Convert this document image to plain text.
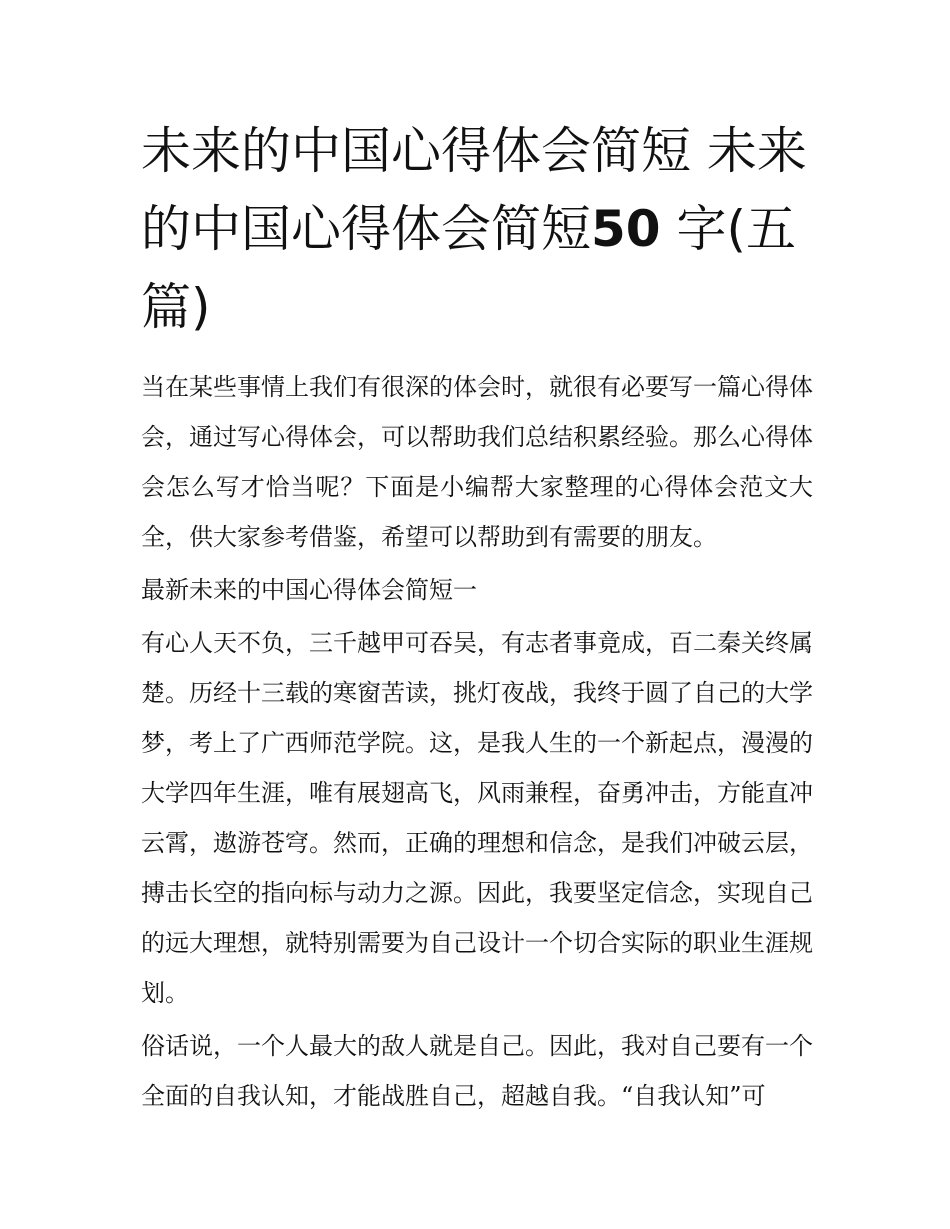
未来的中国心得体会简短 未来的中国心得体会简短50 字(五篇)

当在某些事情上我们有很深的体会时，就很有必要写一篇心得体会，通过写心得体会，可以帮助我们总结积累经验。那么心得体会怎么写才恰当呢？下面是小编帮大家整理的心得体会范文大全，供大家参考借鉴，希望可以帮助到有需要的朋友。

最新未来的中国心得体会简短一

有心人天不负，三千越甲可吞吴，有志者事竟成，百二秦关终属楚。历经十三载的寒窗苦读，挑灯夜战，我终于圆了自己的大学梦，考上了广西师范学院。这，是我人生的一个新起点，漫漫的大学四年生涯，唯有展翅高飞，风雨兼程，奋勇冲击，方能直冲云霄，遨游苍穹。然而，正确的理想和信念，是我们冲破云层，搏击长空的指向标与动力之源。因此，我要坚定信念，实现自己的远大理想，就特别需要为自己设计一个切合实际的职业生涯规划。

俗话说，一个人最大的敌人就是自己。因此，我对自己要有一个全面的自我认知，才能战胜自己，超越自我。“自我认知”可
